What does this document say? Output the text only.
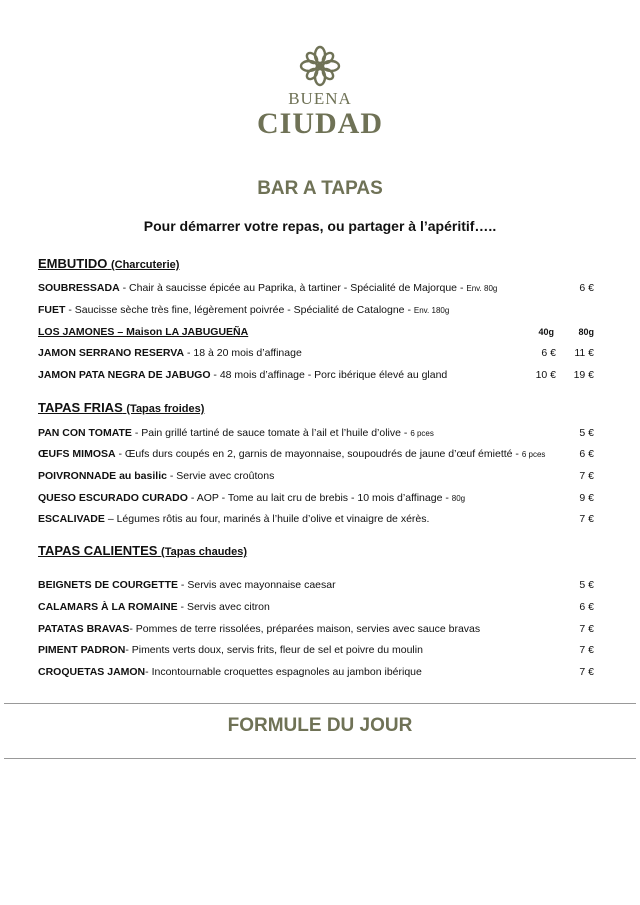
BUENA
CIUDAD
BAR A TAPAS
Pour démarrer votre repas, ou partager à l’apéritif…..
EMBUTIDO (Charcuterie)
SOUBRESSADA - Chair à saucisse épicée au Paprika, à tartiner - Spécialité de Majorque - Env. 80g	6 €
FUET - Saucisse sèche très fine, légèrement poivrée - Spécialité de Catalogne - Env. 180g
LOS JAMONES – Maison LA JABUGUEÑA	40g	80g
JAMON SERRANO RESERVA - 18 à 20 mois d’affinage	6 € 11 €
JAMON PATA NEGRA DE JABUGO - 48 mois d’affinage - Porc ibérique élevé au gland	10 € 19 €
TAPAS FRIAS (Tapas froides)
PAN CON TOMATE - Pain grillé tartiné de sauce tomate à l’ail et l’huile d’olive - 6 pces	5 €
ŒUFS MIMOSA - Œufs durs coupés en 2, garnis de mayonnaise, soupoudrés de jaune d’œuf émietté - 6 pces	6 €
POIVRONNADE au basilic - Servie avec croûtons	7 €
QUESO ESCURADO CURADO - AOP - Tome au lait cru de brebis - 10 mois d’affinage - 80g	9 €
ESCALIVADE – Légumes rôtis au four, marinés à l’huile d’olive et vinaigre de xérès.	7 €
TAPAS CALIENTES (Tapas chaudes)
BEIGNETS DE COURGETTE - Servis avec mayonnaise caesar	5 €
CALAMARS À LA ROMAINE - Servis avec citron	6 €
PATATAS BRAVAS- Pommes de terre rissolées, préparées maison, servies avec sauce bravas	7 €
PIMENT PADRON- Piments verts doux, servis frits, fleur de sel et poivre du moulin	7 €
CROQUETAS JAMON- Incontournable croquettes espagnoles au jambon ibérique	7 €
FORMULE DU JOUR
